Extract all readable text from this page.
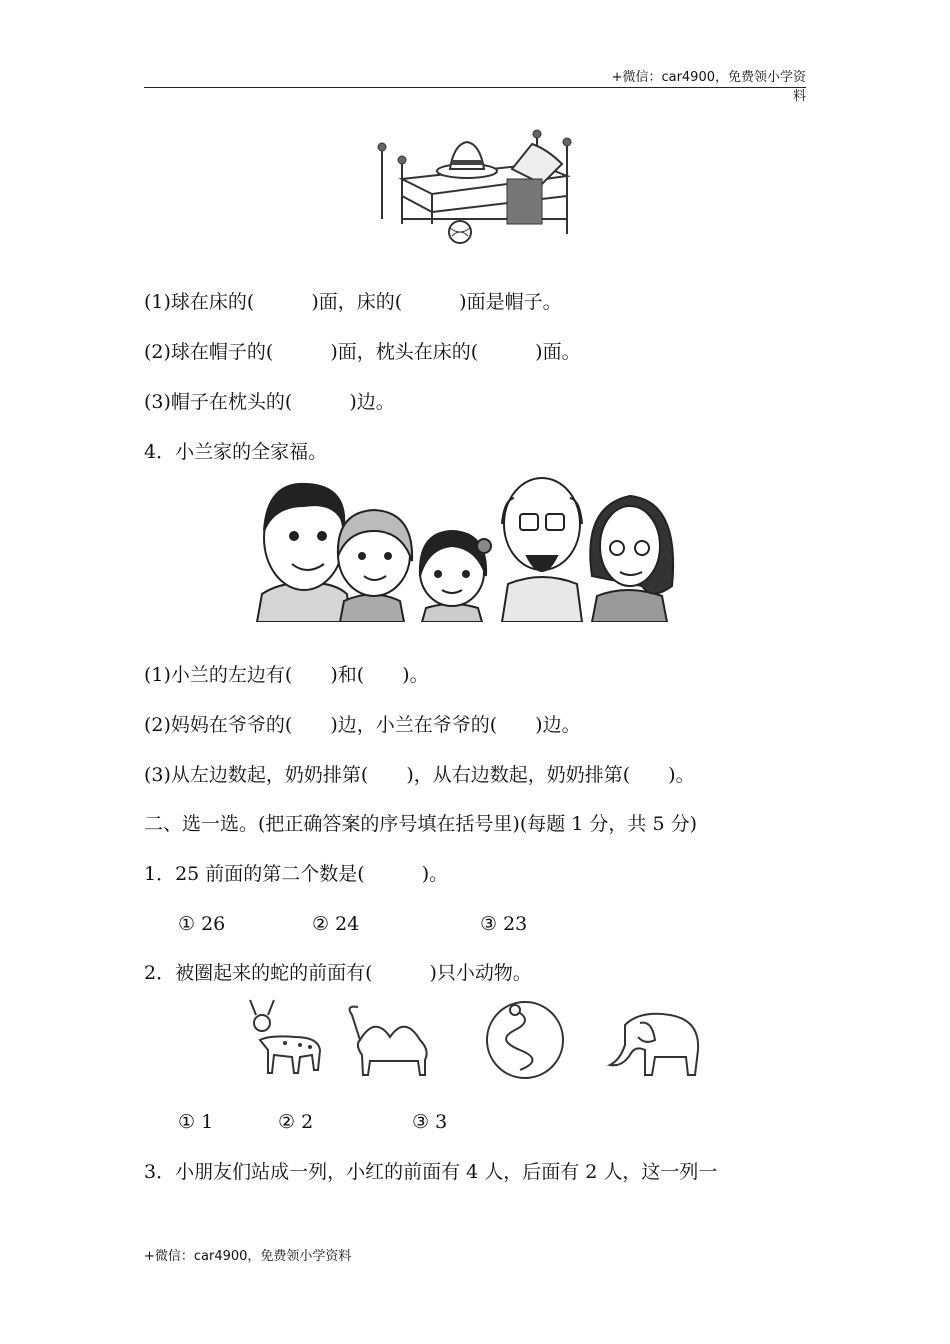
+微信：car4900，免费领小学资料
(1)球在床的(　　　)面，床的(　　　)面是帽子。
(2)球在帽子的(　　　)面，枕头在床的(　　　)面。
(3)帽子在枕头的(　　　)边。
4．小兰家的全家福。
(1)小兰的左边有(　　)和(　　)。
(2)妈妈在爷爷的(　　)边，小兰在爷爷的(　　)边。
(3)从左边数起，奶奶排第(　　)，从右边数起，奶奶排第(　　)。
二、选一选。(把正确答案的序号填在括号里)(每题 1 分，共 5 分)
1．25 前面的第二个数是(　　　)。
① 26	② 24	③ 23
2．被圈起来的蛇的前面有(　　　)只小动物。
① 1	② 2	③ 3
3．小朋友们站成一列，小红的前面有 4 人，后面有 2 人，这一列一
+微信：car4900，免费领小学资料
